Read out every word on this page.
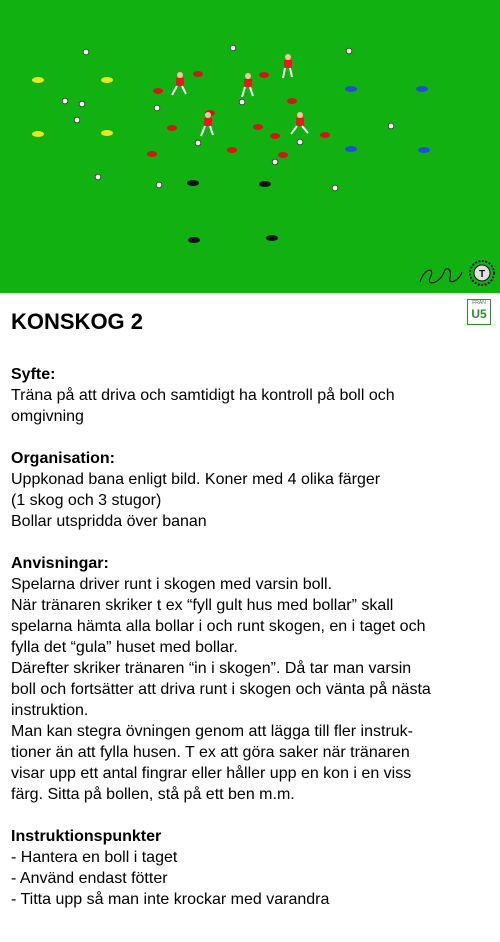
T
KONSKOG 2
FRÅN
U5

Syfte:

Träna på att driva och samtidigt ha kontroll på boll och

omgivning

Organisation:

Uppkonad bana enligt bild. Koner med 4 olika färger

(1 skog och 3 stugor)

Bollar utspridda över banan

Anvisningar:

Spelarna driver runt i skogen med varsin boll.

När tränaren skriker t ex “fyll gult hus med bollar” skall

spelarna hämta alla bollar i och runt skogen, en i taget och

fylla det “gula” huset med bollar.

Därefter skriker tränaren “in i skogen”. Då tar man varsin

boll och fortsätter att driva runt i skogen och vänta på nästa

instruktion.

Man kan stegra övningen genom att lägga till fler instruk-

tioner än att fylla husen. T ex att göra saker när tränaren

visar upp ett antal fingrar eller håller upp en kon i en viss

färg. Sitta på bollen, stå på ett ben m.m.

Instruktionspunkter

- Hantera en boll i taget

- Använd endast fötter

- Titta upp så man inte krockar med varandra
